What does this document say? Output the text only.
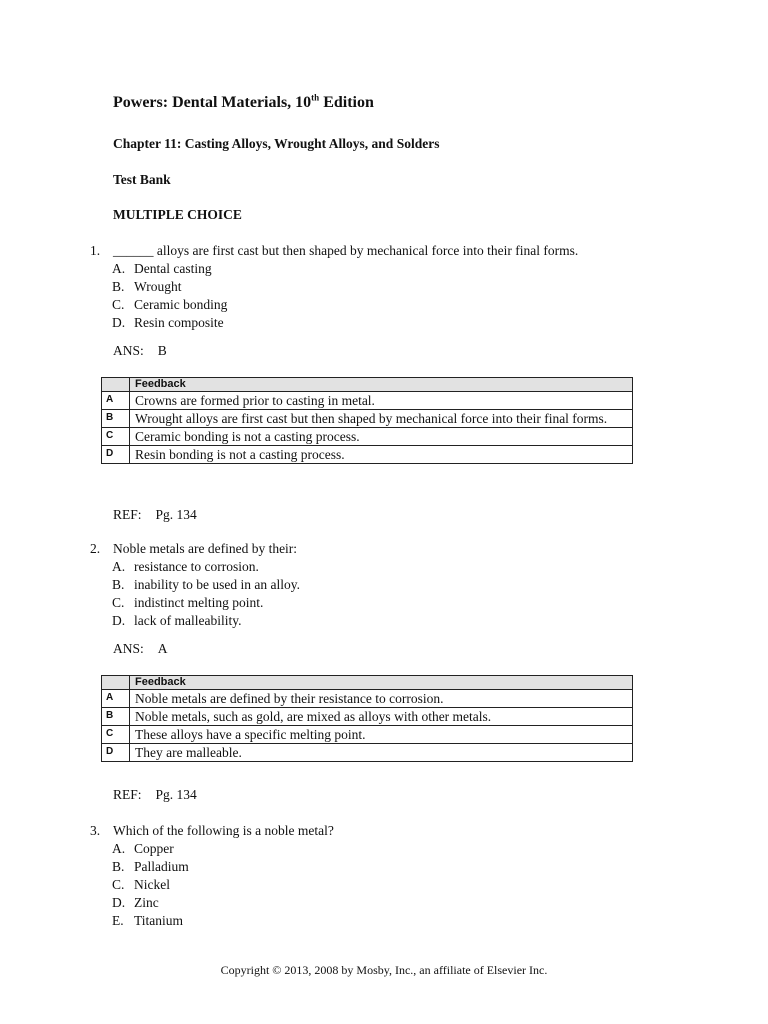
Powers: Dental Materials, 10th Edition
Chapter 11: Casting Alloys, Wrought Alloys, and Solders
Test Bank
MULTIPLE CHOICE
1. ______ alloys are first cast but then shaped by mechanical force into their final forms.
A. Dental casting
B. Wrought
C. Ceramic bonding
D. Resin composite
ANS: B
	Feedback
A	Crowns are formed prior to casting in metal.
B	Wrought alloys are first cast but then shaped by mechanical force into their final forms.
C	Ceramic bonding is not a casting process.
D	Resin bonding is not a casting process.
REF: Pg. 134
2. Noble metals are defined by their:
A. resistance to corrosion.
B. inability to be used in an alloy.
C. indistinct melting point.
D. lack of malleability.
ANS: A
	Feedback
A	Noble metals are defined by their resistance to corrosion.
B	Noble metals, such as gold, are mixed as alloys with other metals.
C	These alloys have a specific melting point.
D	They are malleable.
REF: Pg. 134
3. Which of the following is a noble metal?
A. Copper
B. Palladium
C. Nickel
D. Zinc
E. Titanium
Copyright © 2013, 2008 by Mosby, Inc., an affiliate of Elsevier Inc.
